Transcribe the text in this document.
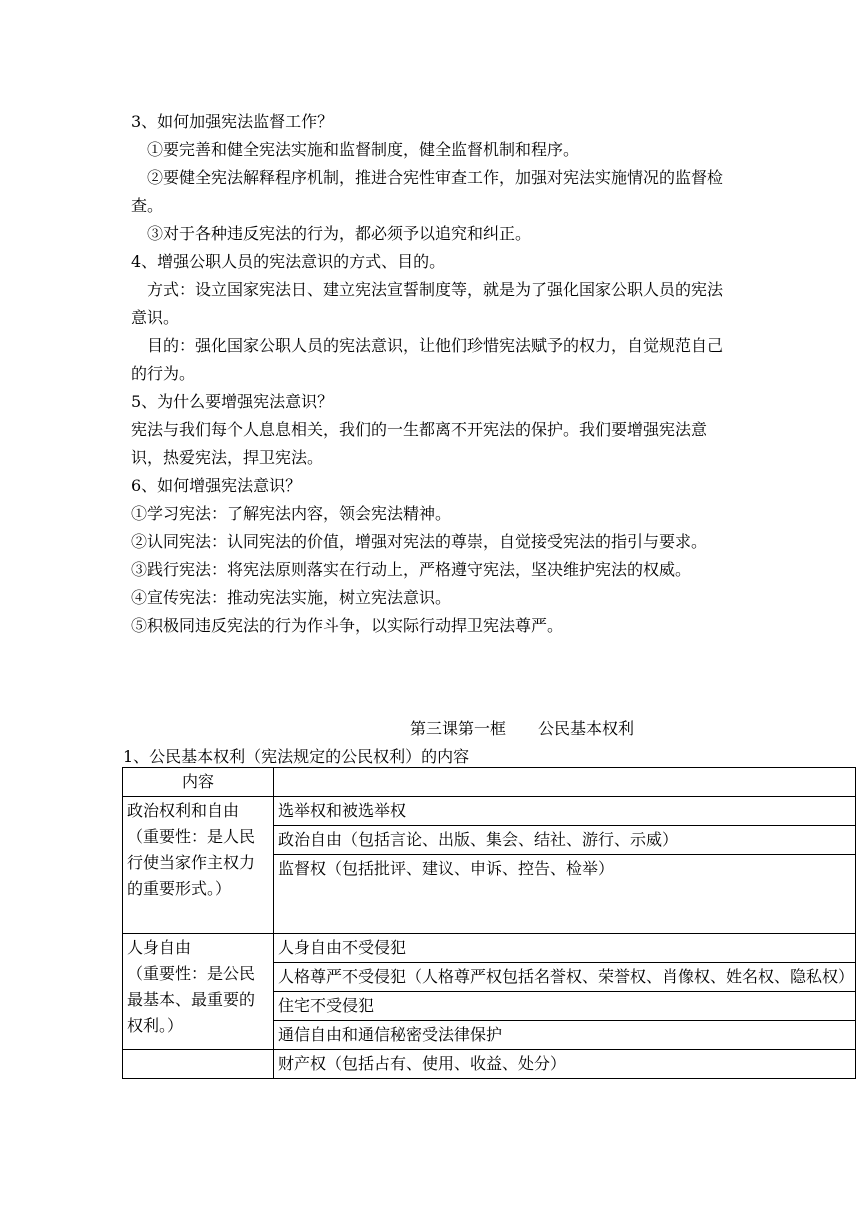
3、如何加强宪法监督工作？

　①要完善和健全宪法实施和监督制度，健全监督机制和程序。

　②要健全宪法解释程序机制，推进合宪性审查工作，加强对宪法实施情况的监督检查。

　③对于各种违反宪法的行为，都必须予以追究和纠正。

4、增强公职人员的宪法意识的方式、目的。

　方式：设立国家宪法日、建立宪法宣誓制度等，就是为了强化国家公职人员的宪法意识。

　目的：强化国家公职人员的宪法意识，让他们珍惜宪法赋予的权力，自觉规范自己的行为。

5、为什么要增强宪法意识？

宪法与我们每个人息息相关，我们的一生都离不开宪法的保护。我们要增强宪法意识，热爱宪法，捍卫宪法。

6、如何增强宪法意识？

①学习宪法：了解宪法内容，领会宪法精神。

②认同宪法：认同宪法的价值，增强对宪法的尊崇，自觉接受宪法的指引与要求。

③践行宪法：将宪法原则落实在行动上，严格遵守宪法，坚决维护宪法的权威。

④宣传宪法：推动宪法实施，树立宪法意识。

⑤积极同违反宪法的行为作斗争，以实际行动捍卫宪法尊严。

第三课第一框　　公民基本权利
1、公民基本权利（宪法规定的公民权利）的内容
内容	

政治权利和自由
（重要性：是人民行使当家作主权力的重要形式。）	选举权和被选举权
	政治自由（包括言论、出版、集会、结社、游行、示威）
	监督权（包括批评、建议、申诉、控告、检举）

人身自由
（重要性：是公民最基本、最重要的权利。）	人身自由不受侵犯
	人格尊严不受侵犯（人格尊严权包括名誉权、荣誉权、肖像权、姓名权、隐私权）
	住宅不受侵犯
	通信自由和通信秘密受法律保护
	财产权（包括占有、使用、收益、处分）
